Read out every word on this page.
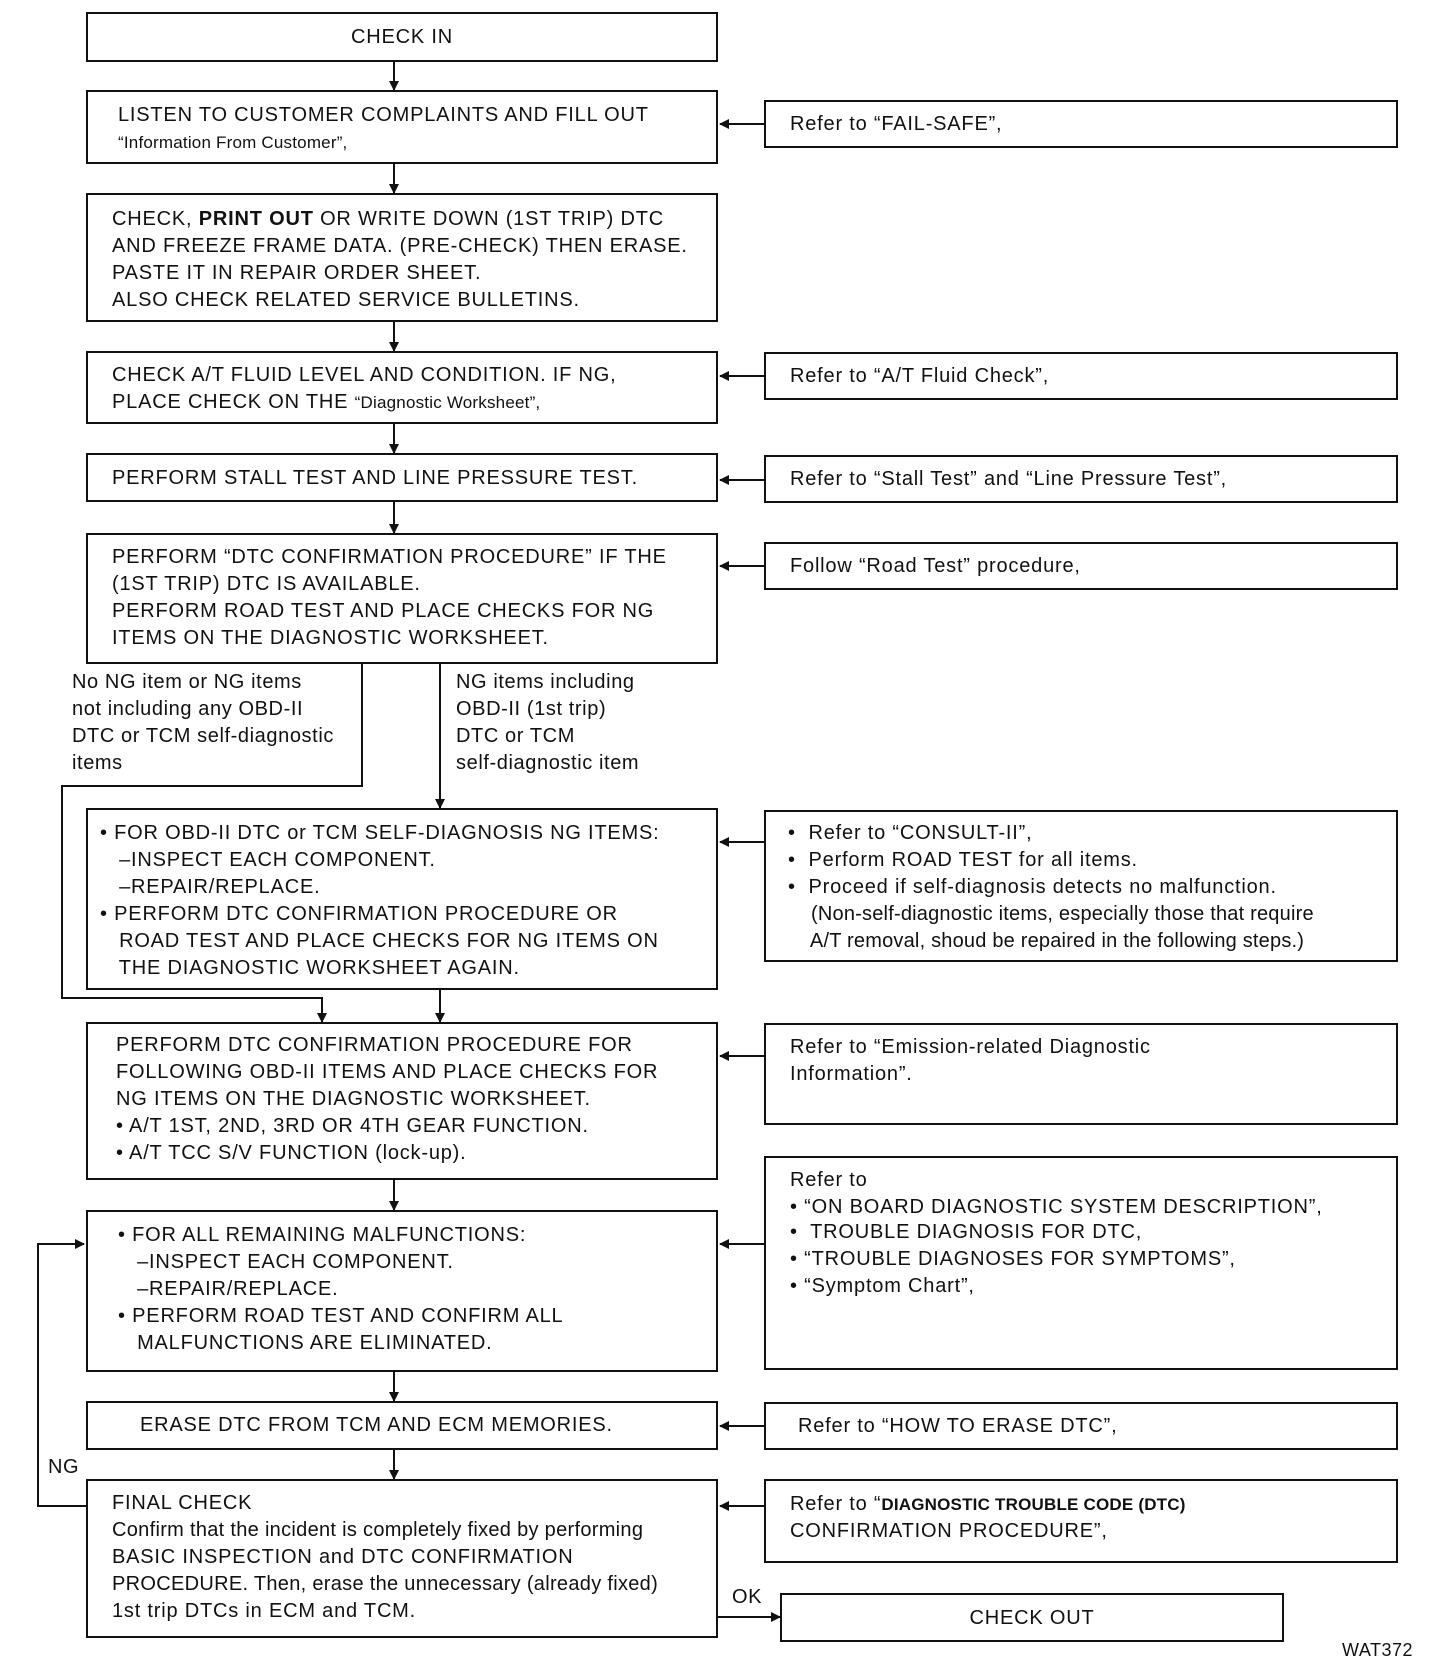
CHECK IN
LISTEN TO CUSTOMER COMPLAINTS AND FILL OUT
“Information From Customer”,
CHECK, PRINT OUT OR WRITE DOWN (1ST TRIP) DTC
AND FREEZE FRAME DATA. (PRE-CHECK) THEN ERASE.
PASTE IT IN REPAIR ORDER SHEET.
ALSO CHECK RELATED SERVICE BULLETINS.
CHECK A/T FLUID LEVEL AND CONDITION. IF NG,
PLACE CHECK ON THE “Diagnostic Worksheet”,
PERFORM STALL TEST AND LINE PRESSURE TEST.
PERFORM “DTC CONFIRMATION PROCEDURE” IF THE
(1ST TRIP) DTC IS AVAILABLE.
PERFORM ROAD TEST AND PLACE CHECKS FOR NG
ITEMS ON THE DIAGNOSTIC WORKSHEET.
No NG item or NG items
not including any OBD-II
DTC or TCM self-diagnostic
items
NG items including
OBD-II (1st trip)
DTC or TCM
self-diagnostic item
• FOR OBD-II DTC or TCM SELF-DIAGNOSIS NG ITEMS:
–INSPECT EACH COMPONENT.
–REPAIR/REPLACE.
• PERFORM DTC CONFIRMATION PROCEDURE OR
ROAD TEST AND PLACE CHECKS FOR NG ITEMS ON
THE DIAGNOSTIC WORKSHEET AGAIN.
PERFORM DTC CONFIRMATION PROCEDURE FOR
FOLLOWING OBD-II ITEMS AND PLACE CHECKS FOR
NG ITEMS ON THE DIAGNOSTIC WORKSHEET.
• A/T 1ST, 2ND, 3RD OR 4TH GEAR FUNCTION.
• A/T TCC S/V FUNCTION (lock-up).
• FOR ALL REMAINING MALFUNCTIONS:
–INSPECT EACH COMPONENT.
–REPAIR/REPLACE.
• PERFORM ROAD TEST AND CONFIRM ALL
MALFUNCTIONS ARE ELIMINATED.
ERASE DTC FROM TCM AND ECM MEMORIES.
FINAL CHECK
Confirm that the incident is completely fixed by performing
BASIC INSPECTION and DTC CONFIRMATION
PROCEDURE. Then, erase the unnecessary (already fixed)
1st trip DTCs in ECM and TCM.
NG
OK
CHECK OUT
Refer to “FAIL-SAFE”,
Refer to “A/T Fluid Check”,
Refer to “Stall Test” and “Line Pressure Test”,
Follow “Road Test” procedure,
•  Refer to “CONSULT-II”,
•  Perform ROAD TEST for all items.
•  Proceed if self-diagnosis detects no malfunction.
(Non-self-diagnostic items, especially those that require
A/T removal, shoud be repaired in the following steps.)
Refer to “Emission-related Diagnostic
Information”.
Refer to
• “ON BOARD DIAGNOSTIC SYSTEM DESCRIPTION”,
•  TROUBLE DIAGNOSIS FOR DTC,
• “TROUBLE DIAGNOSES FOR SYMPTOMS”,
• “Symptom Chart”,
Refer to “HOW TO ERASE DTC”,
Refer to “DIAGNOSTIC TROUBLE CODE (DTC)
CONFIRMATION PROCEDURE”,
WAT372
